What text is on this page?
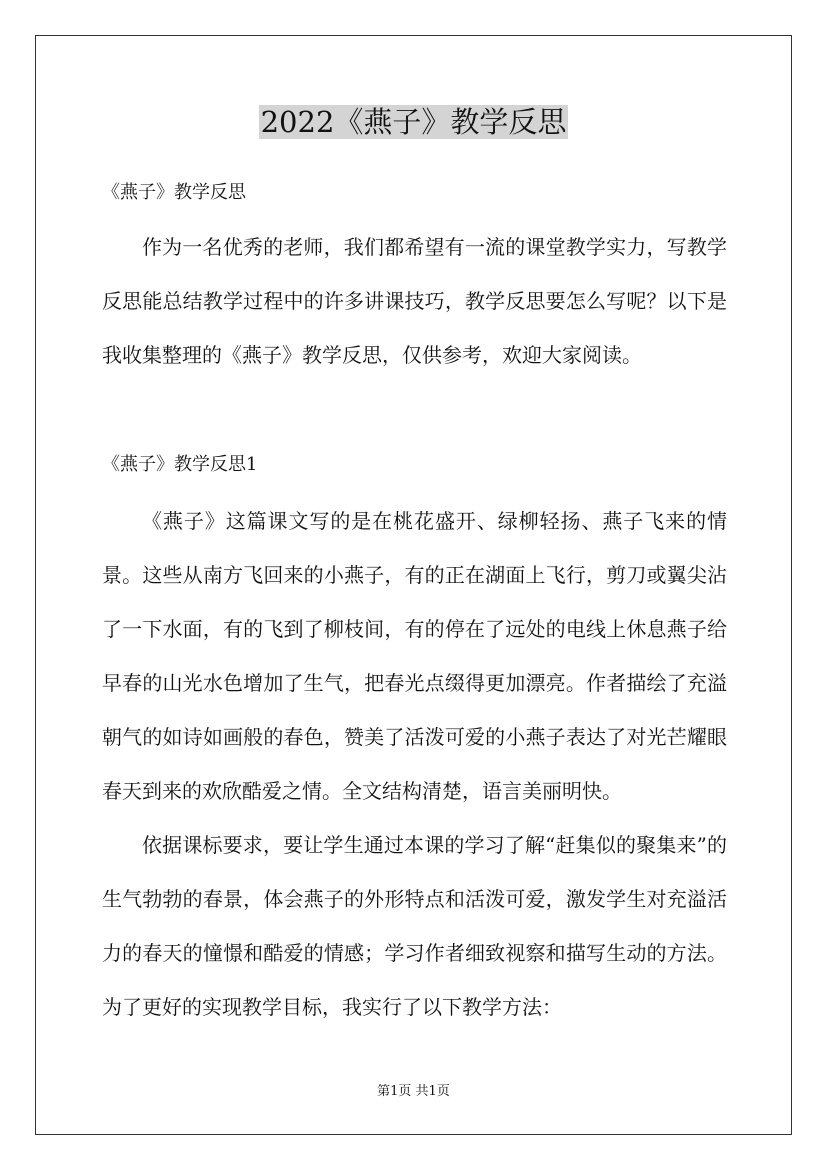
2022《燕子》教学反思
《燕子》教学反思

作为一名优秀的老师，我们都希望有一流的课堂教学实力，写教学反思能总结教学过程中的许多讲课技巧，教学反思要怎么写呢？以下是我收集整理的《燕子》教学反思，仅供参考，欢迎大家阅读。

《燕子》教学反思1

《燕子》这篇课文写的是在桃花盛开、绿柳轻扬、燕子飞来的情景。这些从南方飞回来的小燕子，有的正在湖面上飞行，剪刀或翼尖沾了一下水面，有的飞到了柳枝间，有的停在了远处的电线上休息燕子给早春的山光水色增加了生气，把春光点缀得更加漂亮。作者描绘了充溢朝气的如诗如画般的春色，赞美了活泼可爱的小燕子表达了对光芒耀眼春天到来的欢欣酷爱之情。全文结构清楚，语言美丽明快。

依据课标要求，要让学生通过本课的学习了解“赶集似的聚集来”的生气勃勃的春景，体会燕子的外形特点和活泼可爱，激发学生对充溢活力的春天的憧憬和酷爱的情感；学习作者细致视察和描写生动的方法。为了更好的实现教学目标，我实行了以下教学方法：

第1页 共1页
